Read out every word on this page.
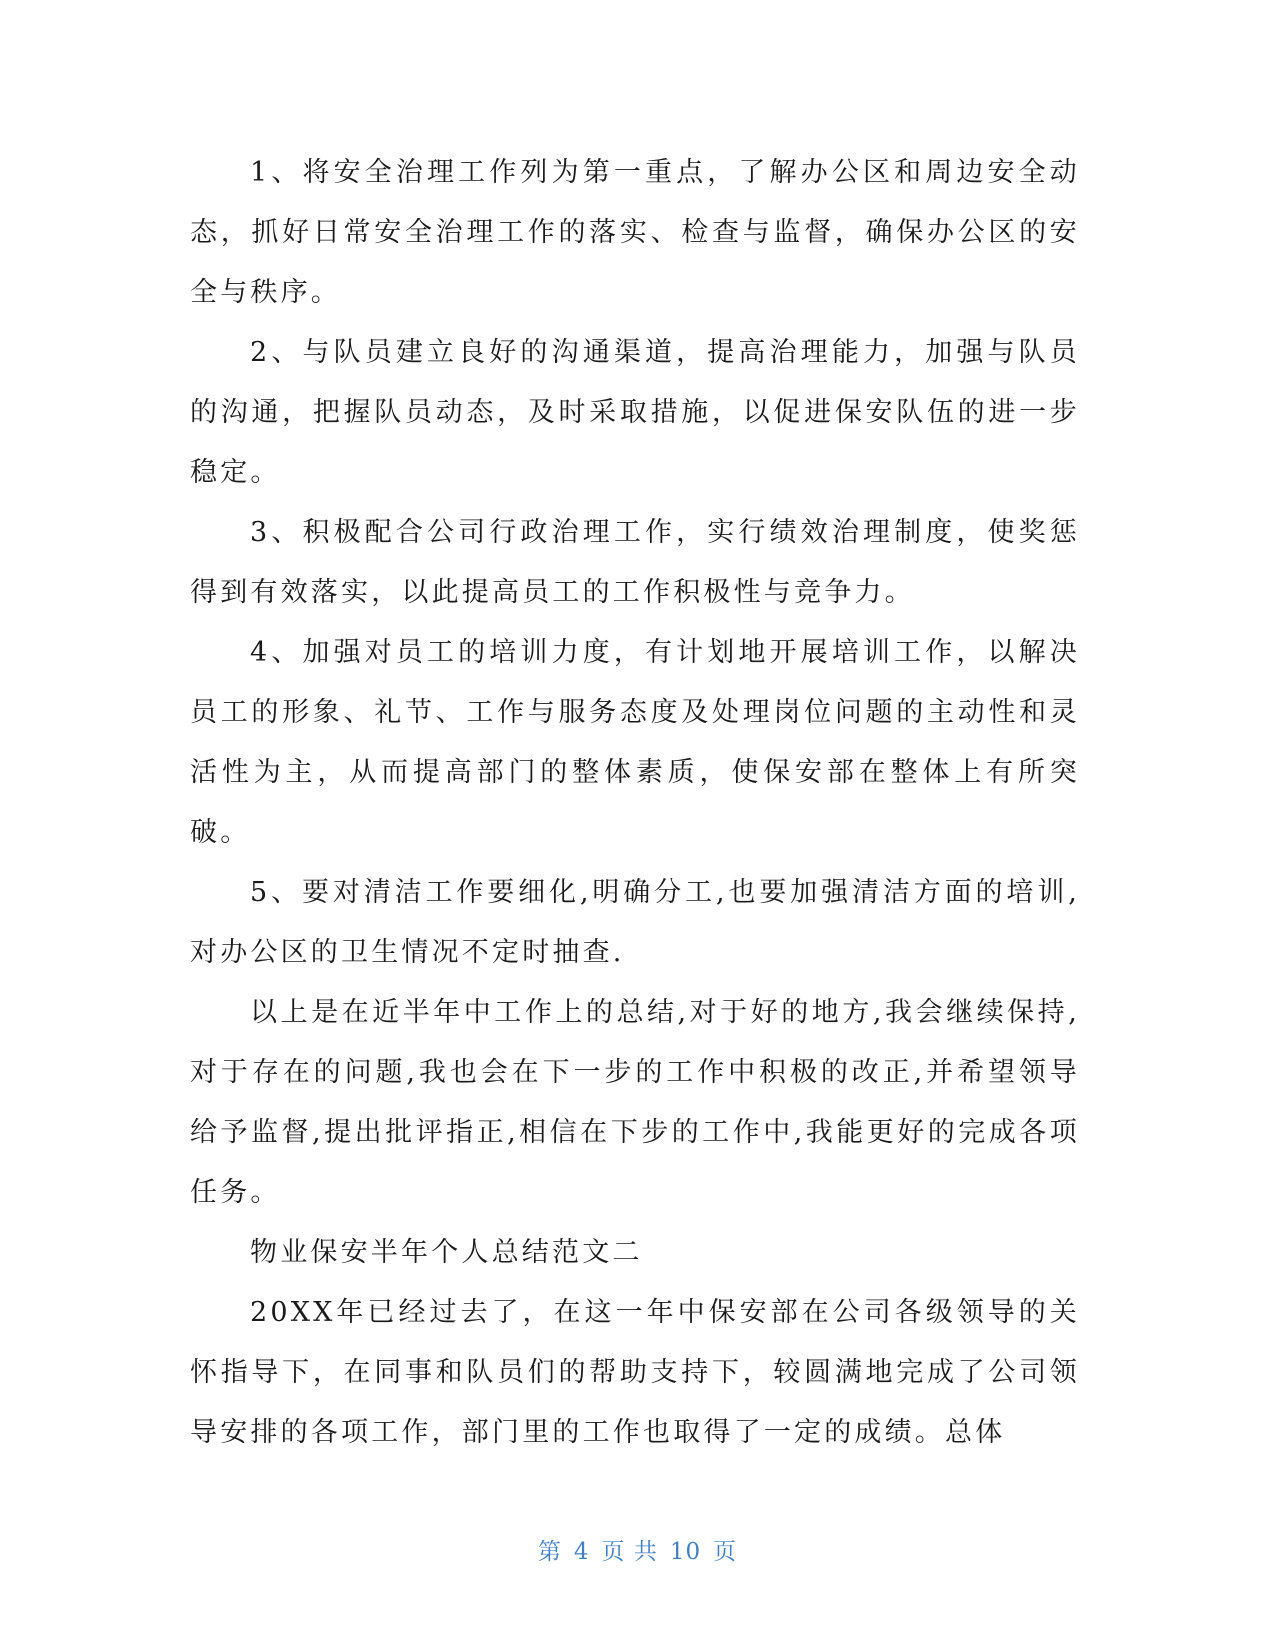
1、将安全治理工作列为第一重点，了解办公区和周边安全动态，抓好日常安全治理工作的落实、检查与监督，确保办公区的安全与秩序。

2、与队员建立良好的沟通渠道，提高治理能力，加强与队员的沟通，把握队员动态，及时采取措施，以促进保安队伍的进一步稳定。

3、积极配合公司行政治理工作，实行绩效治理制度，使奖惩得到有效落实，以此提高员工的工作积极性与竞争力。

4、加强对员工的培训力度，有计划地开展培训工作，以解决员工的形象、礼节、工作与服务态度及处理岗位问题的主动性和灵活性为主，从而提高部门的整体素质，使保安部在整体上有所突破。

5、要对清洁工作要细化,明确分工,也要加强清洁方面的培训,对办公区的卫生情况不定时抽查.

以上是在近半年中工作上的总结,对于好的地方,我会继续保持,对于存在的问题,我也会在下一步的工作中积极的改正,并希望领导给予监督,提出批评指正,相信在下步的工作中,我能更好的完成各项任务。

物业保安半年个人总结范文二

20XX年已经过去了，在这一年中保安部在公司各级领导的关怀指导下，在同事和队员们的帮助支持下，较圆满地完成了公司领导安排的各项工作，部门里的工作也取得了一定的成绩。总体

第 4 页 共 10 页
